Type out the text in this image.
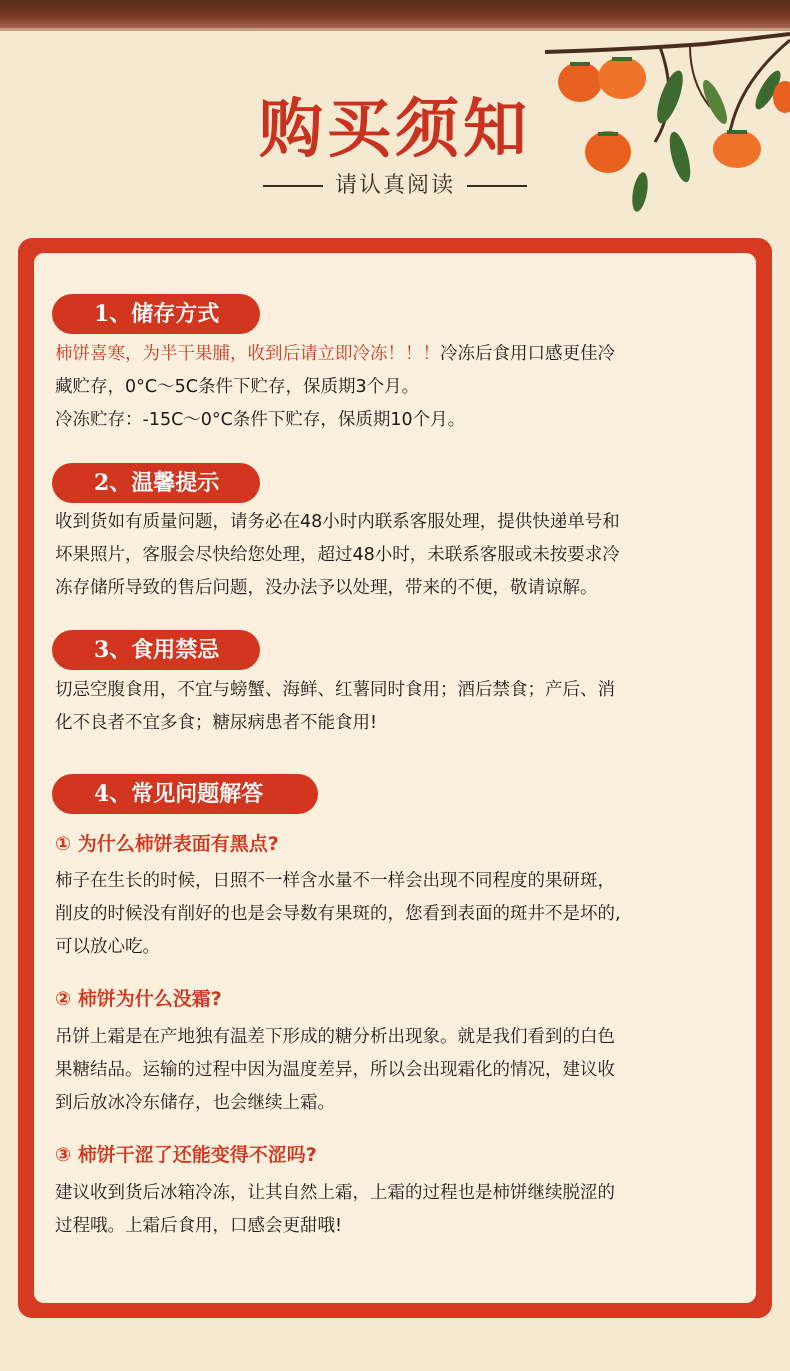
购买须知
请认真阅读
1、储存方式
柿饼喜寒，为半干果脯，收到后请立即冷冻！！！冷冻后食用口感更佳冷
藏贮存，0°C～5C条件下贮存，保质期3个月。
冷冻贮存：-15C～0°C条件下贮存，保质期10个月。
2、温馨提示
收到货如有质量问题，请务必在48小时内联系客服处理，提供快递单号和
坏果照片，客服会尽快给您处理，超过48小时，未联系客服或未按要求冷
冻存储所导致的售后问题，没办法予以处理，带来的不便，敬请谅解。
3、食用禁忌
切忌空腹食用，不宜与螃蟹、海鲜、红薯同时食用；酒后禁食；产后、消
化不良者不宜多食；糖尿病患者不能食用!
4、常见问题解答
① 为什么柿饼表面有黑点?
柿子在生长的时候，日照不一样含水量不一样会出现不同程度的果研斑，
削皮的时候没有削好的也是会导数有果斑的，您看到表面的斑井不是坏的,
可以放心吃。
② 柿饼为什么没霜?
吊饼上霜是在产地独有温差下形成的糖分析出现象。就是我们看到的白色
果糖结品。运输的过程中因为温度差异，所以会出现霜化的情况，建议收
到后放冰冷东储存，也会继续上霜。
③ 柿饼干涩了还能变得不涩吗?
建议收到货后冰箱冷冻，让其自然上霜，上霜的过程也是柿饼继续脱涩的
过程哦。上霜后食用，口感会更甜哦!
